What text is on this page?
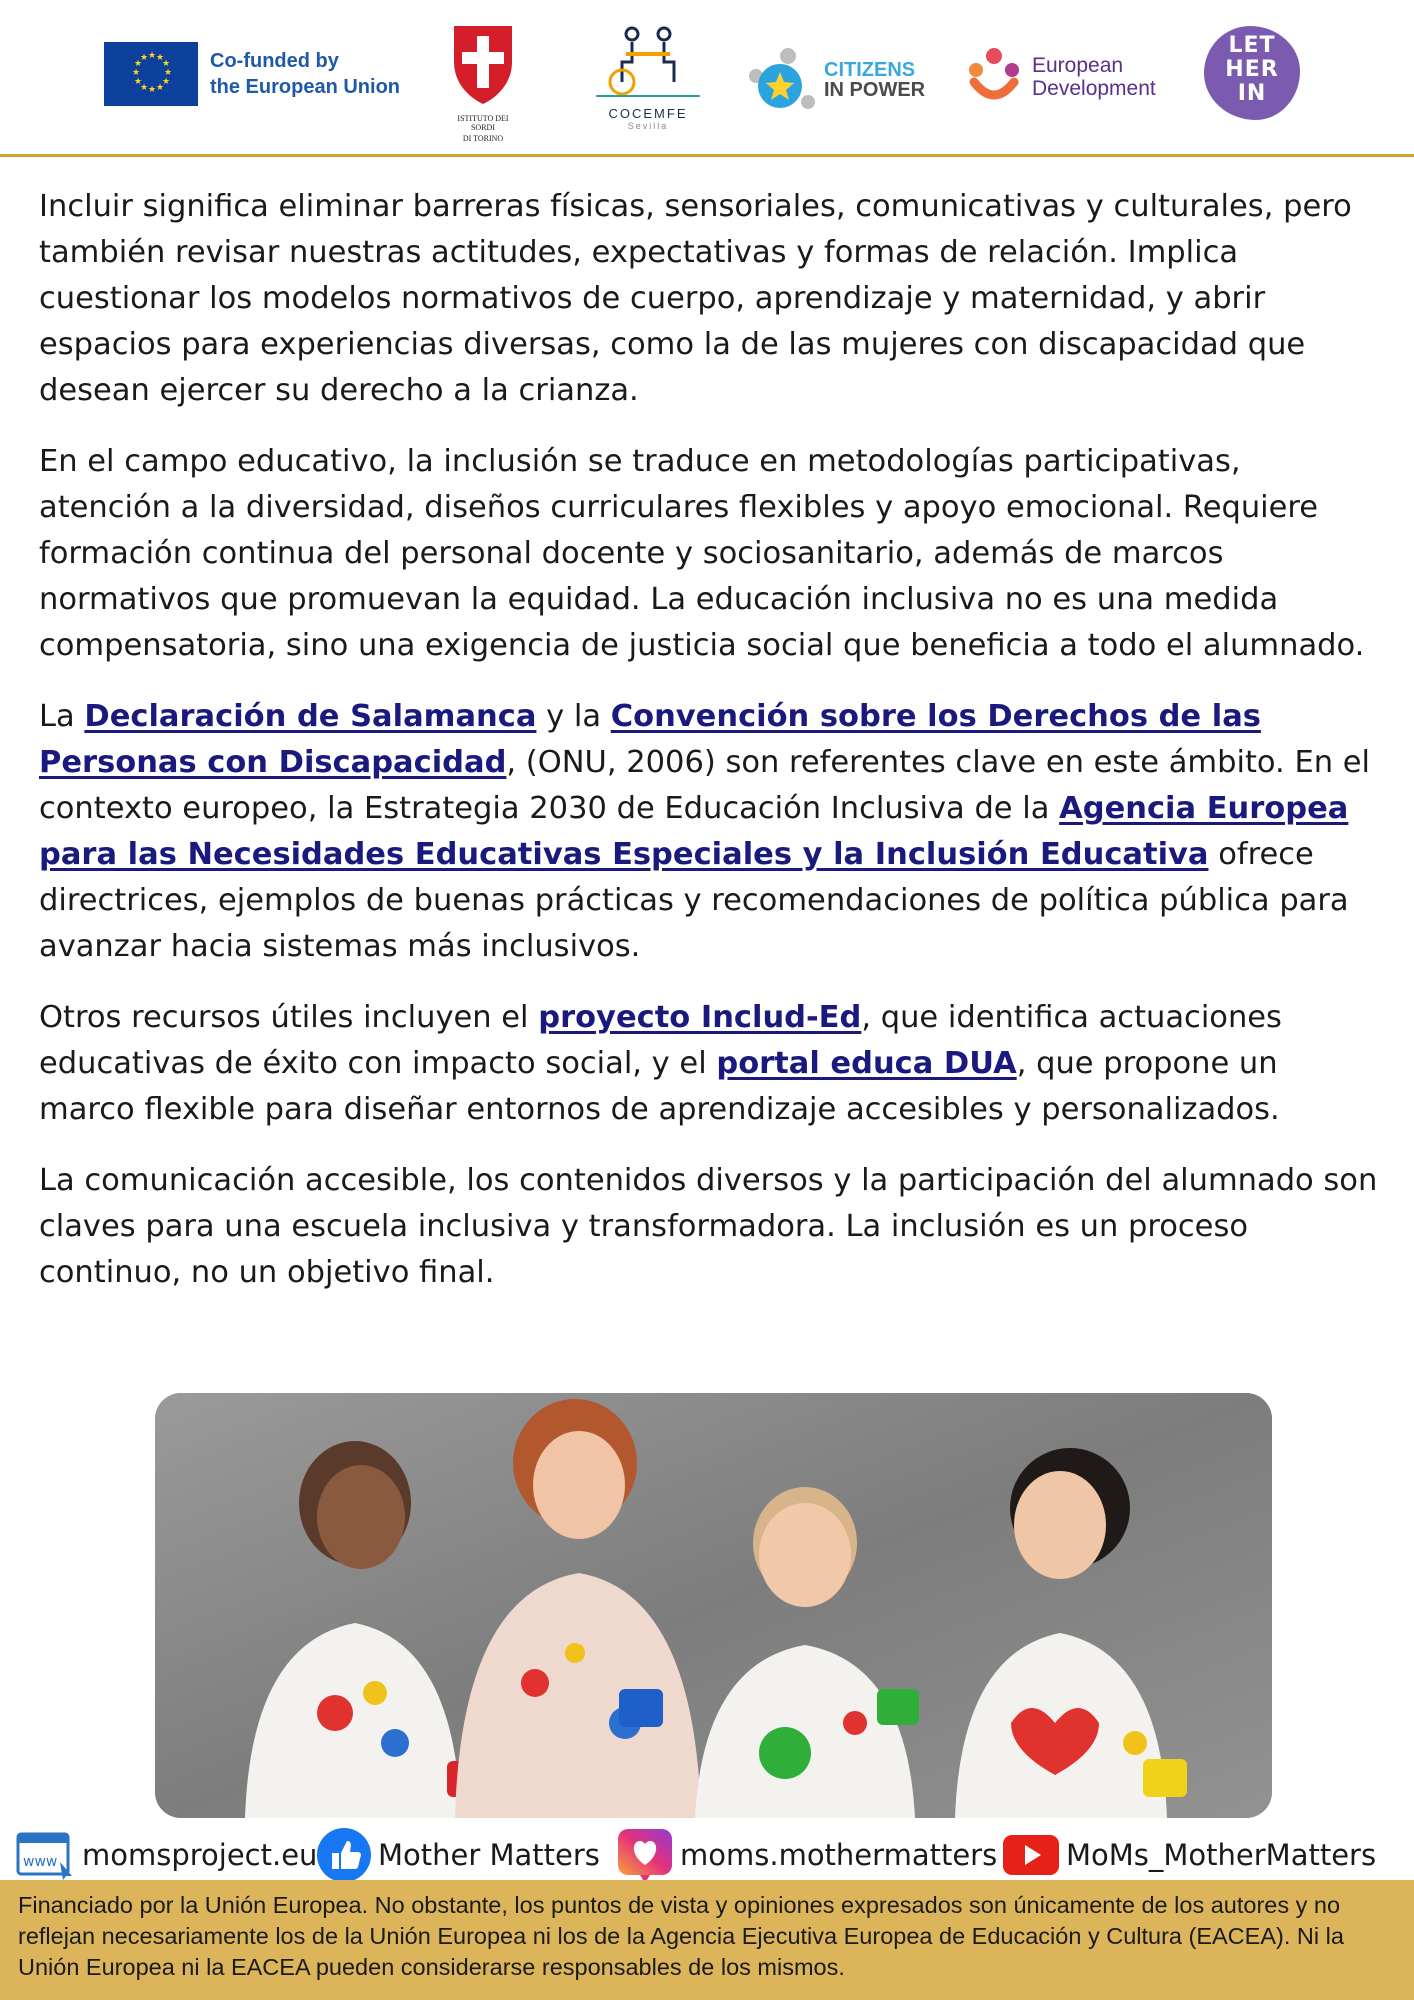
★ ★
★
★
★
★
★
★
★
★
★
★	Co-funded by
the European Union
ISTITUTO DEI SORDI
DI TORINO
COCEMFE
Sevilla
CITIZENS
IN POWER
European
Development
LET
HER
IN

Incluir significa eliminar barreras físicas, sensoriales, comunicativas y culturales, pero también revisar nuestras actitudes, expectativas y formas de relación. Implica cuestionar los modelos normativos de cuerpo, aprendizaje y maternidad, y abrir espacios para experiencias diversas, como la de las mujeres con discapacidad que desean ejercer su derecho a la crianza.

En el campo educativo, la inclusión se traduce en metodologías participativas, atención a la diversidad, diseños curriculares flexibles y apoyo emocional. Requiere formación continua del personal docente y sociosanitario, además de marcos normativos que promuevan la equidad. La educación inclusiva no es una medida compensatoria, sino una exigencia de justicia social que beneficia a todo el alumnado.

La Declaración de Salamanca y la Convención sobre los Derechos de las Personas con Discapacidad, (ONU, 2006) son referentes clave en este ámbito. En el contexto europeo, la Estrategia 2030 de Educación Inclusiva de la Agencia Europea para las Necesidades Educativas Especiales y la Inclusión Educativa ofrece directrices, ejemplos de buenas prácticas y recomendaciones de política pública para avanzar hacia sistemas más inclusivos.

Otros recursos útiles incluyen el proyecto Includ-Ed, que identifica actuaciones educativas de éxito con impacto social, y el portal educa DUA, que propone un marco flexible para diseñar entornos de aprendizaje accesibles y personalizados.

La comunicación accesible, los contenidos diversos y la participación del alumnado son claves para una escuela inclusiva y transformadora. La inclusión es un proceso continuo, no un objetivo final.

www momsproject.eu Mother Matters	moms.mothermatters MoMs_MotherMatters

Financiado por la Unión Europea. No obstante, los puntos de vista y opiniones expresados son únicamente de los autores y no reflejan necesariamente los de la Unión Europea ni los de la Agencia Ejecutiva Europea de Educación y Cultura (EACEA). Ni la Unión Europea ni la EACEA pueden considerarse responsables de los mismos.
